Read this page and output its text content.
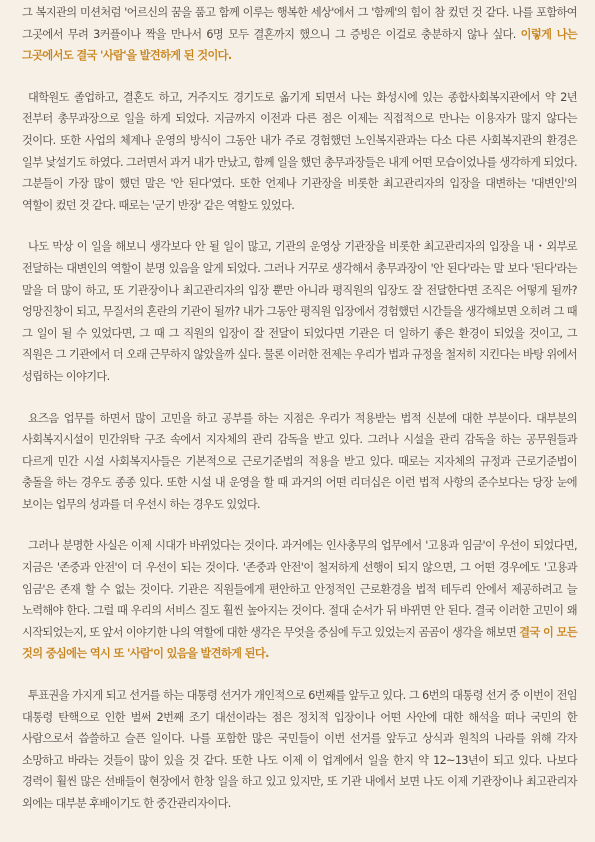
그 복지관의 미션처럼 '어르신의 꿈을 품고 함께 이루는 행복한 세상'에서 그 '함께'의 힘이 참 컸던 것 같다. 나를 포함하여 그곳에서 무려 3커플이나 짝을 만나서 6명 모두 결혼까지 했으니 그 증빙은 이걸로 충분하지 않나 싶다. 이렇게 나는 그곳에서도 결국 '사람'을 발견하게 된 것이다.

대학원도 졸업하고, 결혼도 하고, 거주지도 경기도로 옮기게 되면서 나는 화성시에 있는 종합사회복지관에서 약 2년 전부터 총무과장으로 일을 하게 되었다. 지금까지 이전과 다른 점은 이제는 직접적으로 만나는 이용자가 많지 않다는 것이다. 또한 사업의 체계나 운영의 방식이 그동안 내가 주로 경험했던 노인복지관과는 다소 다른 사회복지관의 환경은 일부 낯설기도 하였다. 그러면서 과거 내가 만났고, 함께 일을 했던 총무과장들은 내게 어떤 모습이었나를 생각하게 되었다. 그분들이 가장 많이 했던 말은 '안 된다'였다. 또한 언제나 기관장을 비롯한 최고관리자의 입장을 대변하는 '대변인'의 역할이 컸던 것 같다. 때로는 '군기 반장' 같은 역할도 있었다.

나도 막상 이 일을 해보니 생각보다 안 될 일이 많고, 기관의 운영상 기관장을 비롯한 최고관리자의 입장을 내・외부로 전달하는 대변인의 역할이 분명 있음을 알게 되었다. 그러나 거꾸로 생각해서 총무과장이 '안 된다'라는 말 보다 '된다'라는 말을 더 많이 하고, 또 기관장이나 최고관리자의 입장 뿐만 아니라 평직원의 입장도 잘 전달한다면 조직은 어떻게 될까? 엉망진창이 되고, 무질서의 혼란의 기관이 될까? 내가 그동안 평직원 입장에서 경험했던 시간들을 생각해보면 오히려 그 때 그 일이 될 수 있었다면, 그 때 그 직원의 입장이 잘 전달이 되었다면 기관은 더 일하기 좋은 환경이 되었을 것이고, 그 직원은 그 기관에서 더 오래 근무하지 않았을까 싶다. 물론 이러한 전제는 우리가 법과 규정을 철저히 지킨다는 바탕 위에서 성립하는 이야기다.

요즈음 업무를 하면서 많이 고민을 하고 공부를 하는 지점은 우리가 적용받는 법적 신분에 대한 부분이다. 대부분의 사회복지시설이 민간위탁 구조 속에서 지자체의 관리 감독을 받고 있다. 그러나 시설을 관리 감독을 하는 공무원들과 다르게 민간 시설 사회복지사들은 기본적으로 근로기준법의 적용을 받고 있다. 때로는 지자체의 규정과 근로기준법이 충돌을 하는 경우도 종종 있다. 또한 시설 내 운영을 할 때 과거의 어떤 리더십은 이런 법적 사항의 준수보다는 당장 눈에 보이는 업무의 성과를 더 우선시 하는 경우도 있었다.

그러나 분명한 사실은 이제 시대가 바뀌었다는 것이다. 과거에는 인사총무의 업무에서 '고용과 임금'이 우선이 되었다면, 지금은 '존중과 안전'이 더 우선이 되는 것이다. '존중과 안전'이 철저하게 선행이 되지 않으면, 그 어떤 경우에도 '고용과 임금'은 존재 할 수 없는 것이다. 기관은 직원들에게 편안하고 안정적인 근로환경을 법적 테두리 안에서 제공하려고 늘 노력해야 한다. 그럴 때 우리의 서비스 질도 훨씬 높아지는 것이다. 절대 순서가 뒤 바뀌면 안 된다. 결국 이러한 고민이 왜 시작되었는지, 또 앞서 이야기한 나의 역할에 대한 생각은 무엇을 중심에 두고 있었는지 곰곰이 생각을 해보면 결국 이 모든 것의 중심에는 역시 또 '사람'이 있음을 발견하게 된다.

투표권을 가지게 되고 선거를 하는 대통령 선거가 개인적으로 6번째를 앞두고 있다. 그 6번의 대통령 선거 중 이번이 전임 대통령 탄핵으로 인한 벌써 2번째 조기 대선이라는 점은 정치적 입장이나 어떤 사안에 대한 해석을 떠나 국민의 한 사람으로서 씁쓸하고 슬픈 일이다. 나를 포함한 많은 국민들이 이번 선거를 앞두고 상식과 원칙의 나라를 위해 각자 소망하고 바라는 것들이 많이 있을 것 같다. 또한 나도 이제 이 업계에서 일을 한지 약 12~13년이 되고 있다. 나보다 경력이 훨씬 많은 선배들이 현장에서 한창 일을 하고 있고 있지만, 또 기관 내에서 보면 나도 이제 기관장이나 최고관리자 외에는 대부분 후배이기도 한 중간관리자이다.
